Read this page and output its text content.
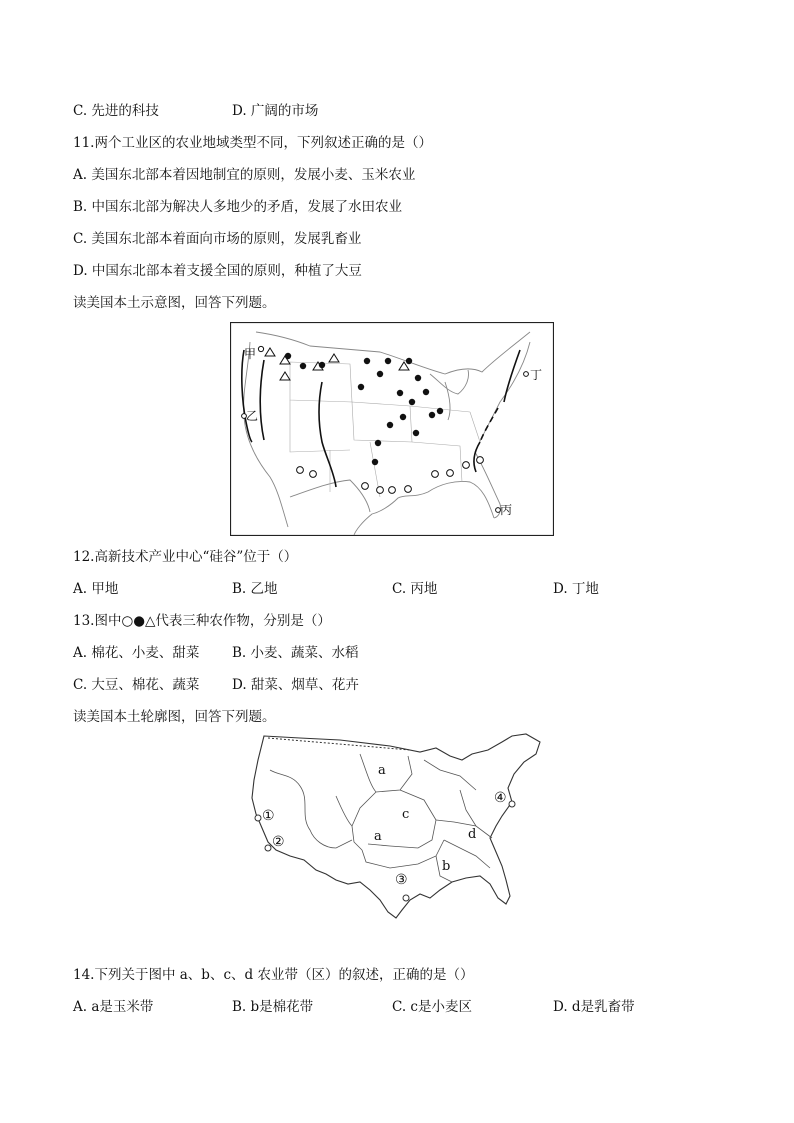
C. 先进的科技	D. 广阔的市场
11.两个工业区的农业地域类型不同，下列叙述正确的是（）
A. 美国东北部本着因地制宜的原则，发展小麦、玉米农业
B. 中国东北部为解决人多地少的矛盾，发展了水田农业
C. 美国东北部本着面向市场的原则，发展乳畜业
D. 中国东北部本着支援全国的原则，种植了大豆
读美国本土示意图，回答下列题。
甲
乙
丙
丁
12.高新技术产业中心“硅谷”位于（）
A. 甲地	B. 乙地	C. 丙地	D. 丁地
13.图中○●△代表三种农作物，分别是（）
A. 棉花、小麦、甜菜 B. 小麦、蔬菜、水稻
C. 大豆、棉花、蔬菜 D. 甜菜、烟草、花卉
读美国本土轮廓图，回答下列题。
a
a
b
c
d
①
②
③
④
14.下列关于图中 a、b、c、d 农业带（区）的叙述，正确的是（）
A. a是玉米带	B. b是棉花带	C. c是小麦区	D. d是乳畜带
